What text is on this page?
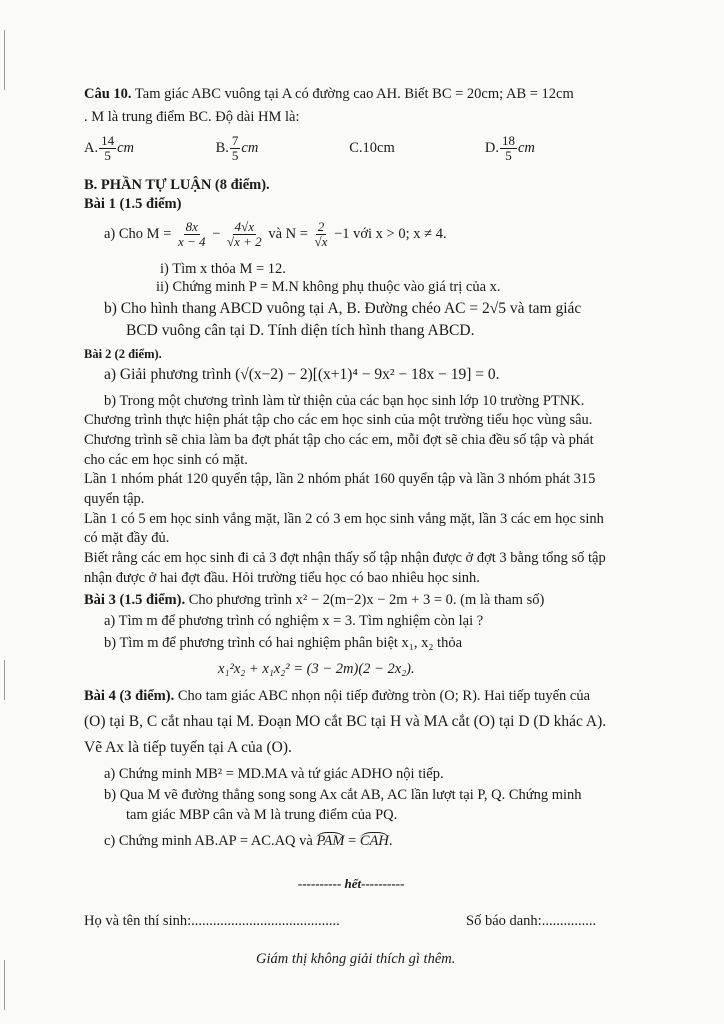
Câu 10. Tam giác ABC vuông tại A có đường cao AH. Biết BC = 20cm; AB = 12cm
. M là trung điểm BC. Độ dài HM là:
A. $\frac{14}{5}$ cm	B. $\frac{7}{5}$ cm	C.10cm	D. $\frac{18}{5}$ cm
B. PHẦN TỰ LUẬN (8 điểm).
Bài 1 (1.5 điểm)
a) Cho $M = \frac{8x}{x - 4} - \frac{4√x}{√x + 2}$ và $N = \frac{2}{√x} -1$ với x > 0; x ≠ 4.
i) Tìm x thỏa M = 12.
ii) Chứng minh P = M.N không phụ thuộc vào giá trị của x.
b) Cho hình thang ABCD vuông tại A, B. Đường chéo AC = 2√5 và tam giác
BCD vuông cân tại D. Tính diện tích hình thang ABCD.
Bài 2 (2 điểm).
a) Giải phương trình (√(x−2) − 2)[(x+1)⁴ − 9x² − 18x − 19] = 0.
b) Trong một chương trình làm từ thiện của các bạn học sinh lớp 10 trường PTNK.
Chương trình thực hiện phát tập cho các em học sinh của một trường tiểu học vùng sâu.
Chương trình sẽ chia làm ba đợt phát tập cho các em, mỗi đợt sẽ chia đều số tập và phát
cho các em học sinh có mặt.
Lần 1 nhóm phát 120 quyển tập, lần 2 nhóm phát 160 quyển tập và lần 3 nhóm phát 315
quyển tập.
Lần 1 có 5 em học sinh vắng mặt, lần 2 có 3 em học sinh vắng mặt, lần 3 các em học sinh
có mặt đầy đủ.
Biết rằng các em học sinh đi cả 3 đợt nhận thấy số tập nhận được ở đợt 3 bằng tổng số tập
nhận được ở hai đợt đầu. Hỏi trường tiểu học có bao nhiêu học sinh.
Bài 3 (1.5 điểm). Cho phương trình x² − 2(m−2)x − 2m + 3 = 0. (m là tham số)
a) Tìm m để phương trình có nghiệm x = 3. Tìm nghiệm còn lại ?
b) Tìm m để phương trình có hai nghiệm phân biệt x₁, x₂ thỏa
x₁²x₂ + x₁x₂² = (3 − 2m)(2 − 2x₂).
Bài 4 (3 điểm). Cho tam giác ABC nhọn nội tiếp đường tròn (O; R). Hai tiếp tuyến của
(O) tại B, C cắt nhau tại M. Đoạn MO cắt BC tại H và MA cắt (O) tại D (D khác A).
Vẽ Ax là tiếp tuyến tại A của (O).
a) Chứng minh MB² = MD.MA và tứ giác ADHO nội tiếp.
b) Qua M vẽ đường thẳng song song Ax cắt AB, AC lần lượt tại P, Q. Chứng minh
tam giác MBP cân và M là trung điểm của PQ.
c) Chứng minh AB.AP = AC.AQ và PAM = CAH.
---------- hết----------
Họ và tên thí sinh:.........................................	Số báo danh:...............
Giám thị không giải thích gì thêm.
